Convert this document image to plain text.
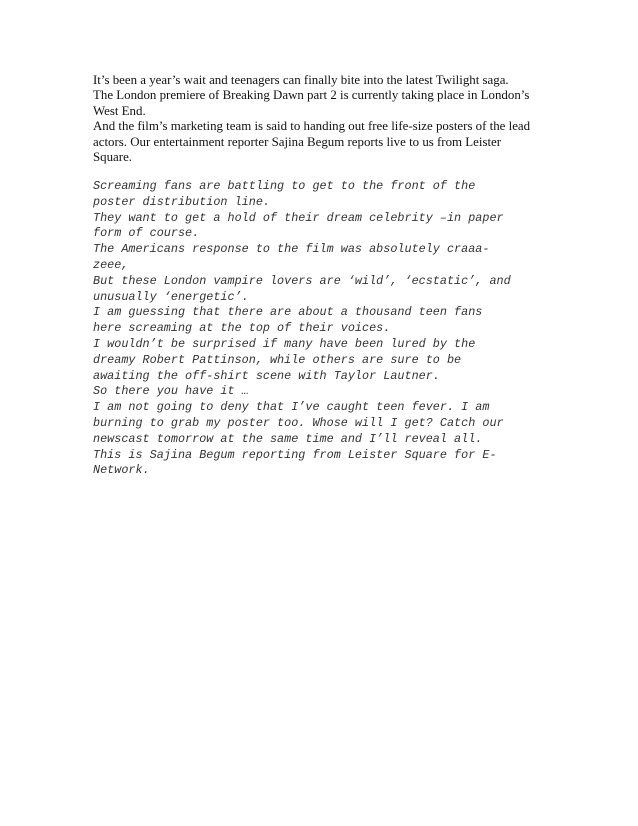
It’s been a year’s wait and teenagers can finally bite into the latest Twilight saga.
The London premiere of Breaking Dawn part 2 is currently taking place in London’s
West End.
And the film’s marketing team is said to handing out free life-size posters of the lead
actors. Our entertainment reporter Sajina Begum reports live to us from Leister
Square.
Screaming fans are battling to get to the front of the
poster distribution line.
They want to get a hold of their dream celebrity –in paper
form of course.
The Americans response to the film was absolutely craaa-
zeee,
But these London vampire lovers are ‘wild’, ‘ecstatic’, and
unusually ‘energetic’.
I am guessing that there are about a thousand teen fans
here screaming at the top of their voices.
I wouldn’t be surprised if many have been lured by the
dreamy Robert Pattinson, while others are sure to be
awaiting the off-shirt scene with Taylor Lautner.
So there you have it …
I am not going to deny that I’ve caught teen fever. I am
burning to grab my poster too. Whose will I get? Catch our
newscast tomorrow at the same time and I’ll reveal all.
This is Sajina Begum reporting from Leister Square for E-
Network.
